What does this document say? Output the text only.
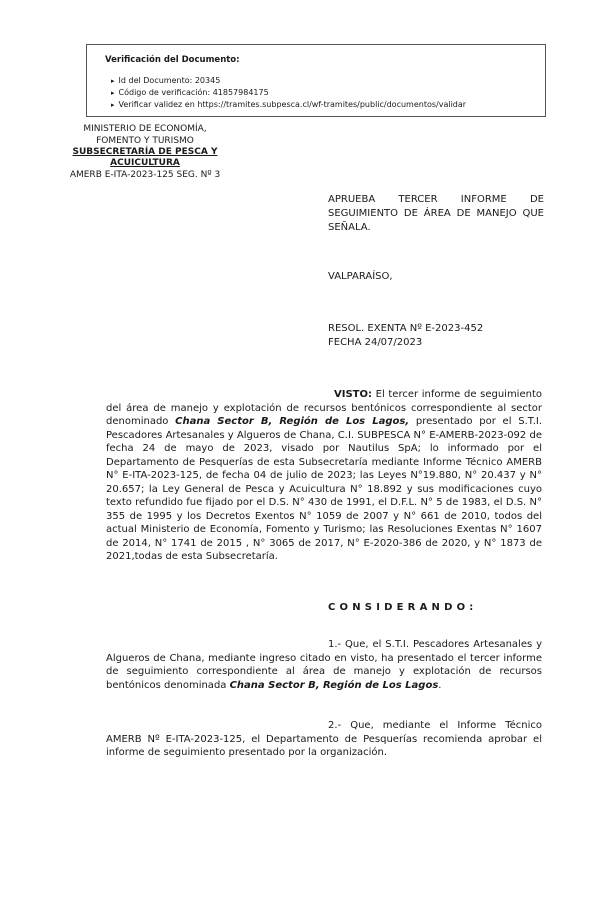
Verificación del Documento:
▸ Id del Documento: 20345
▸ Código de verificación: 41857984175
▸ Verificar validez en https://tramites.subpesca.cl/wf-tramites/public/documentos/validar
MINISTERIO DE ECONOMÍA,
FOMENTO Y TURISMO
SUBSECRETARÍA DE PESCA Y
ACUICULTURA
AMERB E-ITA-2023-125 SEG. Nº 3
APRUEBA TERCER INFORME DE SEGUIMIENTO DE ÁREA DE MANEJO QUE SEÑALA.
VALPARAÍSO,
RESOL. EXENTA Nº E-2023-452
FECHA 24/07/2023
VISTO: El tercer informe de seguimiento del área de manejo y explotación de recursos bentónicos correspondiente al sector denominado Chana Sector B, Región de Los Lagos, presentado por el S.T.I. Pescadores Artesanales y Algueros de Chana, C.I. SUBPESCA N° E-AMERB-2023-092 de fecha 24 de mayo de 2023, visado por Nautilus SpA; lo informado por el Departamento de Pesquerías de esta Subsecretaría mediante Informe Técnico AMERB N° E-ITA-2023-125, de fecha 04 de julio de 2023; las Leyes N°19.880, N° 20.437 y N° 20.657; la Ley General de Pesca y Acuicultura N° 18.892 y sus modificaciones cuyo texto refundido fue fijado por el D.S. N° 430 de 1991, el D.F.L. N° 5 de 1983, el D.S. N° 355 de 1995 y los Decretos Exentos N° 1059 de 2007 y N° 661 de 2010, todos del actual Ministerio de Economía, Fomento y Turismo; las Resoluciones Exentas N° 1607 de 2014, N° 1741 de 2015 , N° 3065 de 2017, N° E-2020-386 de 2020, y N° 1873 de 2021,todas de esta Subsecretaría.
CONSIDERANDO:
1.- Que, el S.T.I. Pescadores Artesanales y Algueros de Chana, mediante ingreso citado en visto, ha presentado el tercer informe de seguimiento correspondiente al área de manejo y explotación de recursos bentónicos denominada Chana Sector B, Región de Los Lagos.
2.- Que, mediante el Informe Técnico AMERB Nº E-ITA-2023-125, el Departamento de Pesquerías recomienda aprobar el informe de seguimiento presentado por la organización.
